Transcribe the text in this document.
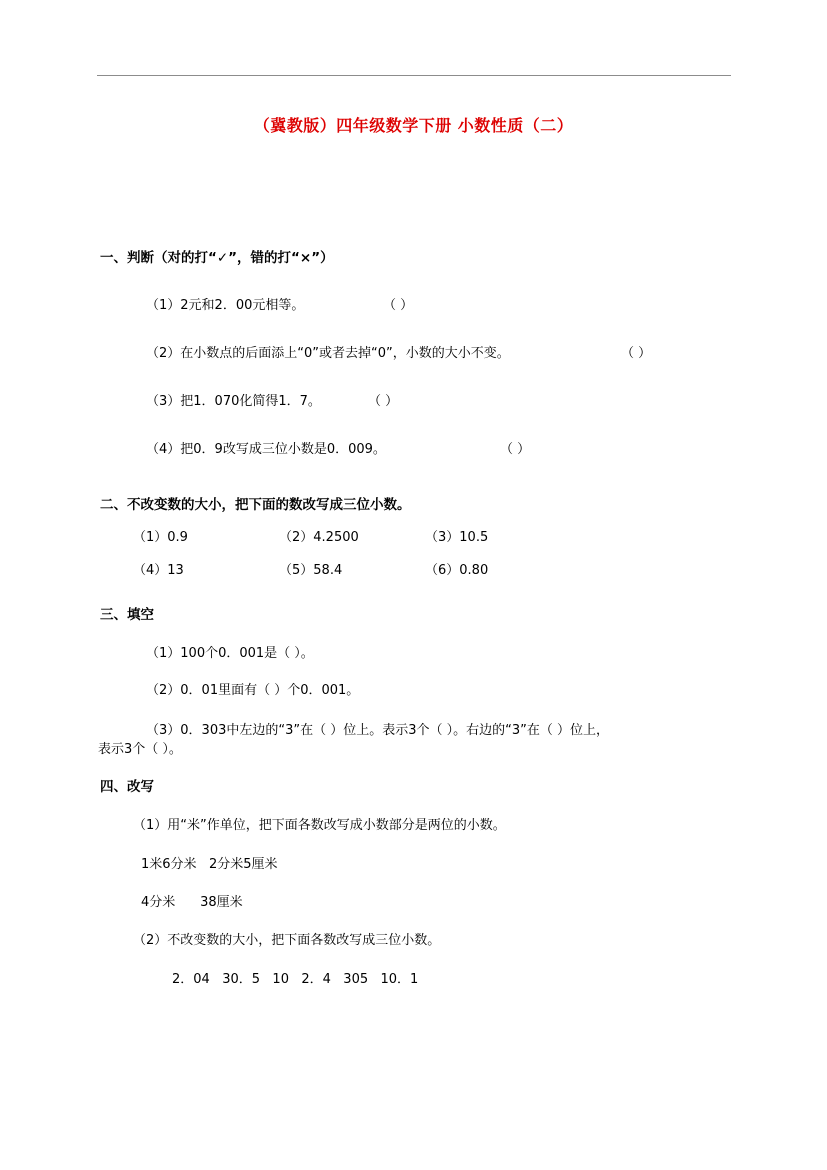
（冀教版）四年级数学下册 小数性质（二）
一、判断（对的打“✓”，错的打“×”）
（1）2元和2．00元相等。	（ ）
（2）在小数点的后面添上“0”或者去掉“0”，小数的大小不变。	（ ）
（3）把1．070化简得1．7。	（ ）
（4）把0．9改写成三位小数是0．009。	（ ）
二、不改变数的大小，把下面的数改写成三位小数。
（1）0.9	（2）4.2500	（3）10.5
（4）13	（5）58.4	（6）0.80
三、填空
（1）100个0．001是（ ）。
（2）0．01里面有（ ）个0．001。
（3）0．303中左边的“3”在（ ）位上。表示3个（ ）。右边的“3”在（ ）位上，
表示3个（ ）。
四、改写
（1）用“米”作单位，把下面各数改写成小数部分是两位的小数。
1米6分米   2分米5厘米
4分米      38厘米
（2）不改变数的大小，把下面各数改写成三位小数。
2．04   30．5   10   2．4   305   10．1
